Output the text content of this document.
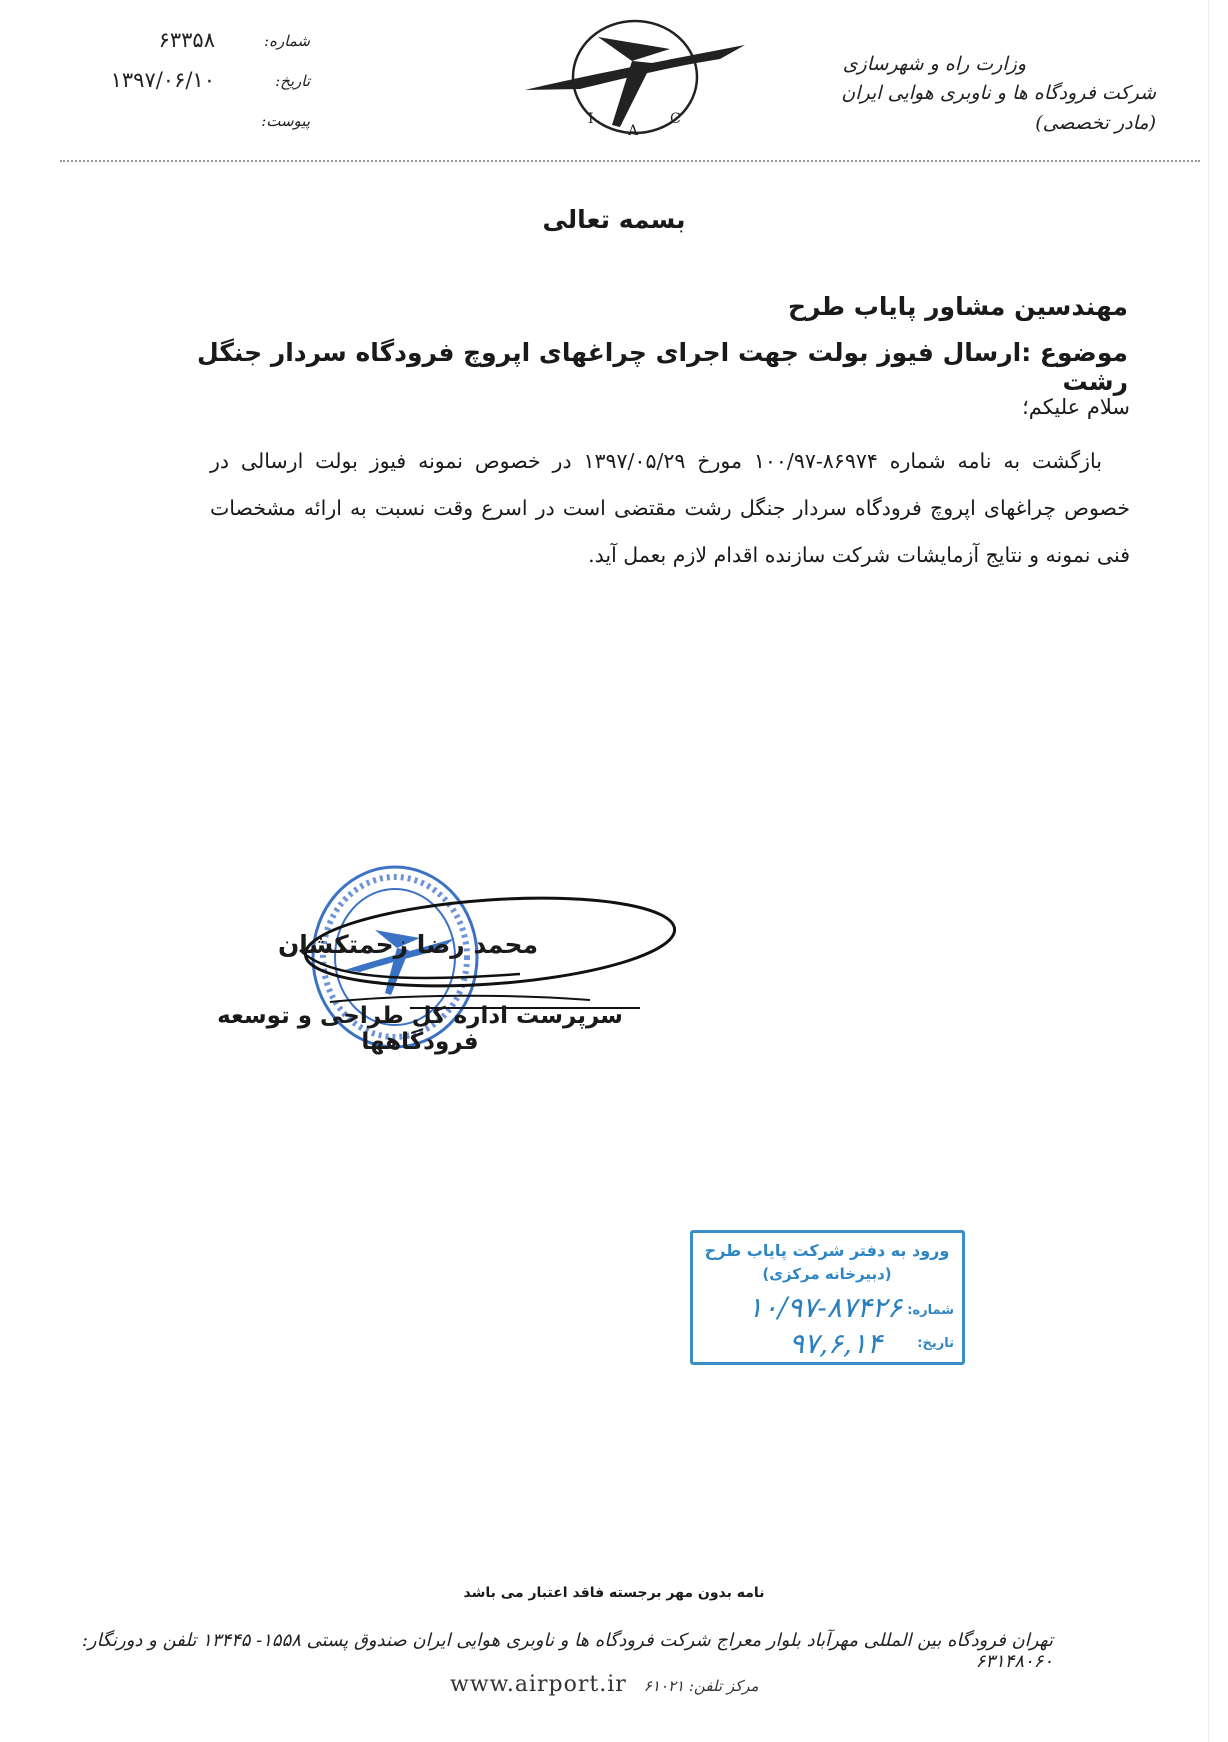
وزارت راه و شهرسازی
شرکت فرودگاه ها و ناوبری هوایی ایران (مادر تخصصی)
I
A
C
شماره:
۶۳۳۵۸
تاریخ:
۱۳۹۷/۰۶/۱۰
پیوست:
بسمه تعالی
مهندسین مشاور پایاب طرح
موضوع :ارسال فیوز بولت جهت اجرای چراغهای اپروچ فرودگاه سردار جنگل رشت
سلام علیکم؛
بازگشت به نامه شماره ۸۶۹۷۴-۱۰۰/۹۷ مورخ ۱۳۹۷/۰۵/۲۹ در خصوص نمونه فیوز بولت ارسالی در خصوص چراغهای اپروچ فرودگاه سردار جنگل رشت مقتضی است در اسرع وقت نسبت به ارائه مشخصات فنی نمونه و نتایج آزمایشات شرکت سازنده اقدام لازم بعمل آید.
محمد رضا زحمتکشان
سرپرست اداره کل طراحی و توسعه فرودگاهها
ورود به دفتر شرکت پایاب طرح
(دبیرخانه مرکزی)
شماره:
۱۰/۹۷-۸۷۴۲۶
تاریخ:
۹۷,۶,۱۴
نامه بدون مهر برجسته فاقد اعتبار می باشد
تهران فرودگاه بین المللی مهرآباد بلوار معراج شرکت فرودگاه ها و ناوبری هوایی ایران صندوق پستی ۱۵۵۸- ۱۳۴۴۵ تلفن و دورنگار: ۶۳۱۴۸۰۶۰
www.airport.ir مرکز تلفن: ۶۱۰۲۱
